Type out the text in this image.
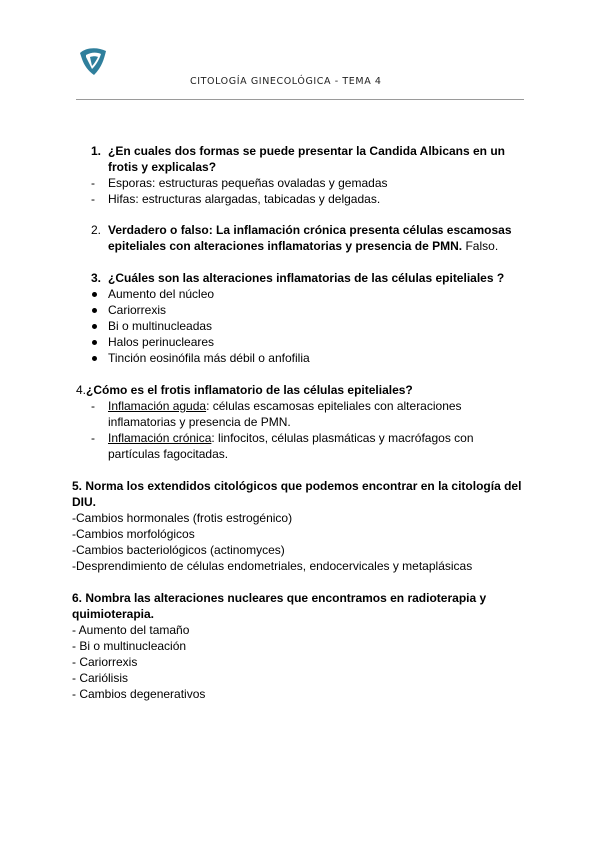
CITOLOGÍA GINECOLÓGICA - TEMA 4
1. ¿En cuales dos formas se puede presentar la Candida Albicans en un
frotis y explicalas?
- Esporas: estructuras pequeñas ovaladas y gemadas
- Hifas: estructuras alargadas, tabicadas y delgadas.
2. Verdadero o falso: La inflamación crónica presenta células escamosas
epiteliales con alteraciones inflamatorias y presencia de PMN. Falso.
3. ¿Cuáles son las alteraciones inflamatorias de las células epiteliales ?
Aumento del núcleo
Cariorrexis
Bi o multinucleadas
Halos perinucleares
Tinción eosinófila más débil o anfofilia
4. ¿Cómo es el frotis inflamatorio de las células epiteliales?
- Inflamación aguda: células escamosas epiteliales con alteraciones
inflamatorias y presencia de PMN.
- Inflamación crónica: linfocitos, células plasmáticas y macrófagos con
partículas fagocitadas.
5. Norma los extendidos citológicos que podemos encontrar en la citología del
DIU.
-Cambios hormonales (frotis estrogénico)
-Cambios morfológicos
-Cambios bacteriológicos (actinomyces)
-Desprendimiento de células endometriales, endocervicales y metaplásicas
6. Nombra las alteraciones nucleares que encontramos en radioterapia y
quimioterapia.
- Aumento del tamaño
- Bi o multinucleación
- Cariorrexis
- Cariólisis
- Cambios degenerativos
